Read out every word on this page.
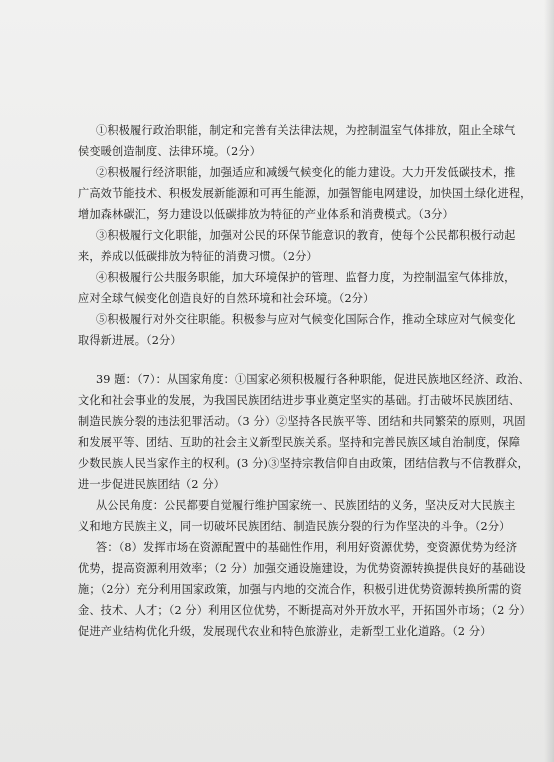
①积极履行政治职能，制定和完善有关法律法规，为控制温室气体排放，阻止全球气
侯变暖创造制度、法律环境。（2分）
②积极履行经济职能，加强适应和减缓气候变化的能力建设。大力开发低碳技术，推
广高效节能技术、积极发展新能源和可再生能源，加强智能电网建设，加快国土绿化进程，
增加森林碳汇，努力建设以低碳排放为特征的产业体系和消费模式。（3分）
③积极履行文化职能，加强对公民的环保节能意识的教育，使每个公民都积极行动起
来，养成以低碳排放为特征的消费习惯。（2分）
④积极履行公共服务职能，加大环境保护的管理、监督力度，为控制温室气体排放，
应对全球气候变化创造良好的自然环境和社会环境。（2分）
⑤积极履行对外交往职能。积极参与应对气候变化国际合作，推动全球应对气候变化
取得新进展。（2分）
39 题：（7）：从国家角度：①国家必须积极履行各种职能，促进民族地区经济、政治、
文化和社会事业的发展，为我国民族团结进步事业奠定坚实的基础。打击破坏民族团结、
制造民族分裂的违法犯罪活动。（3 分）②坚持各民族平等、团结和共同繁荣的原则，巩固
和发展平等、团结、互助的社会主义新型民族关系。坚持和完善民族区域自治制度，保障
少数民族人民当家作主的权利。(3 分)③坚持宗教信仰自由政策，团结信教与不信教群众，
进一步促进民族团结（2 分）
从公民角度：公民都要自觉履行维护国家统一、民族团结的义务，坚决反对大民族主
义和地方民族主义，同一切破坏民族团结、制造民族分裂的行为作坚决的斗争。（2分）
答：（8）发挥市场在资源配置中的基础性作用，利用好资源优势，变资源优势为经济
优势，提高资源利用效率；（2 分）加强交通设施建设，为优势资源转换提供良好的基础设
施；（2分）充分利用国家政策，加强与内地的交流合作，积极引进优势资源转换所需的资
金、技术、人才；（2 分）利用区位优势，不断提高对外开放水平，开拓国外市场；（2 分）
促进产业结构优化升级，发展现代农业和特色旅游业，走新型工业化道路。（2 分）
